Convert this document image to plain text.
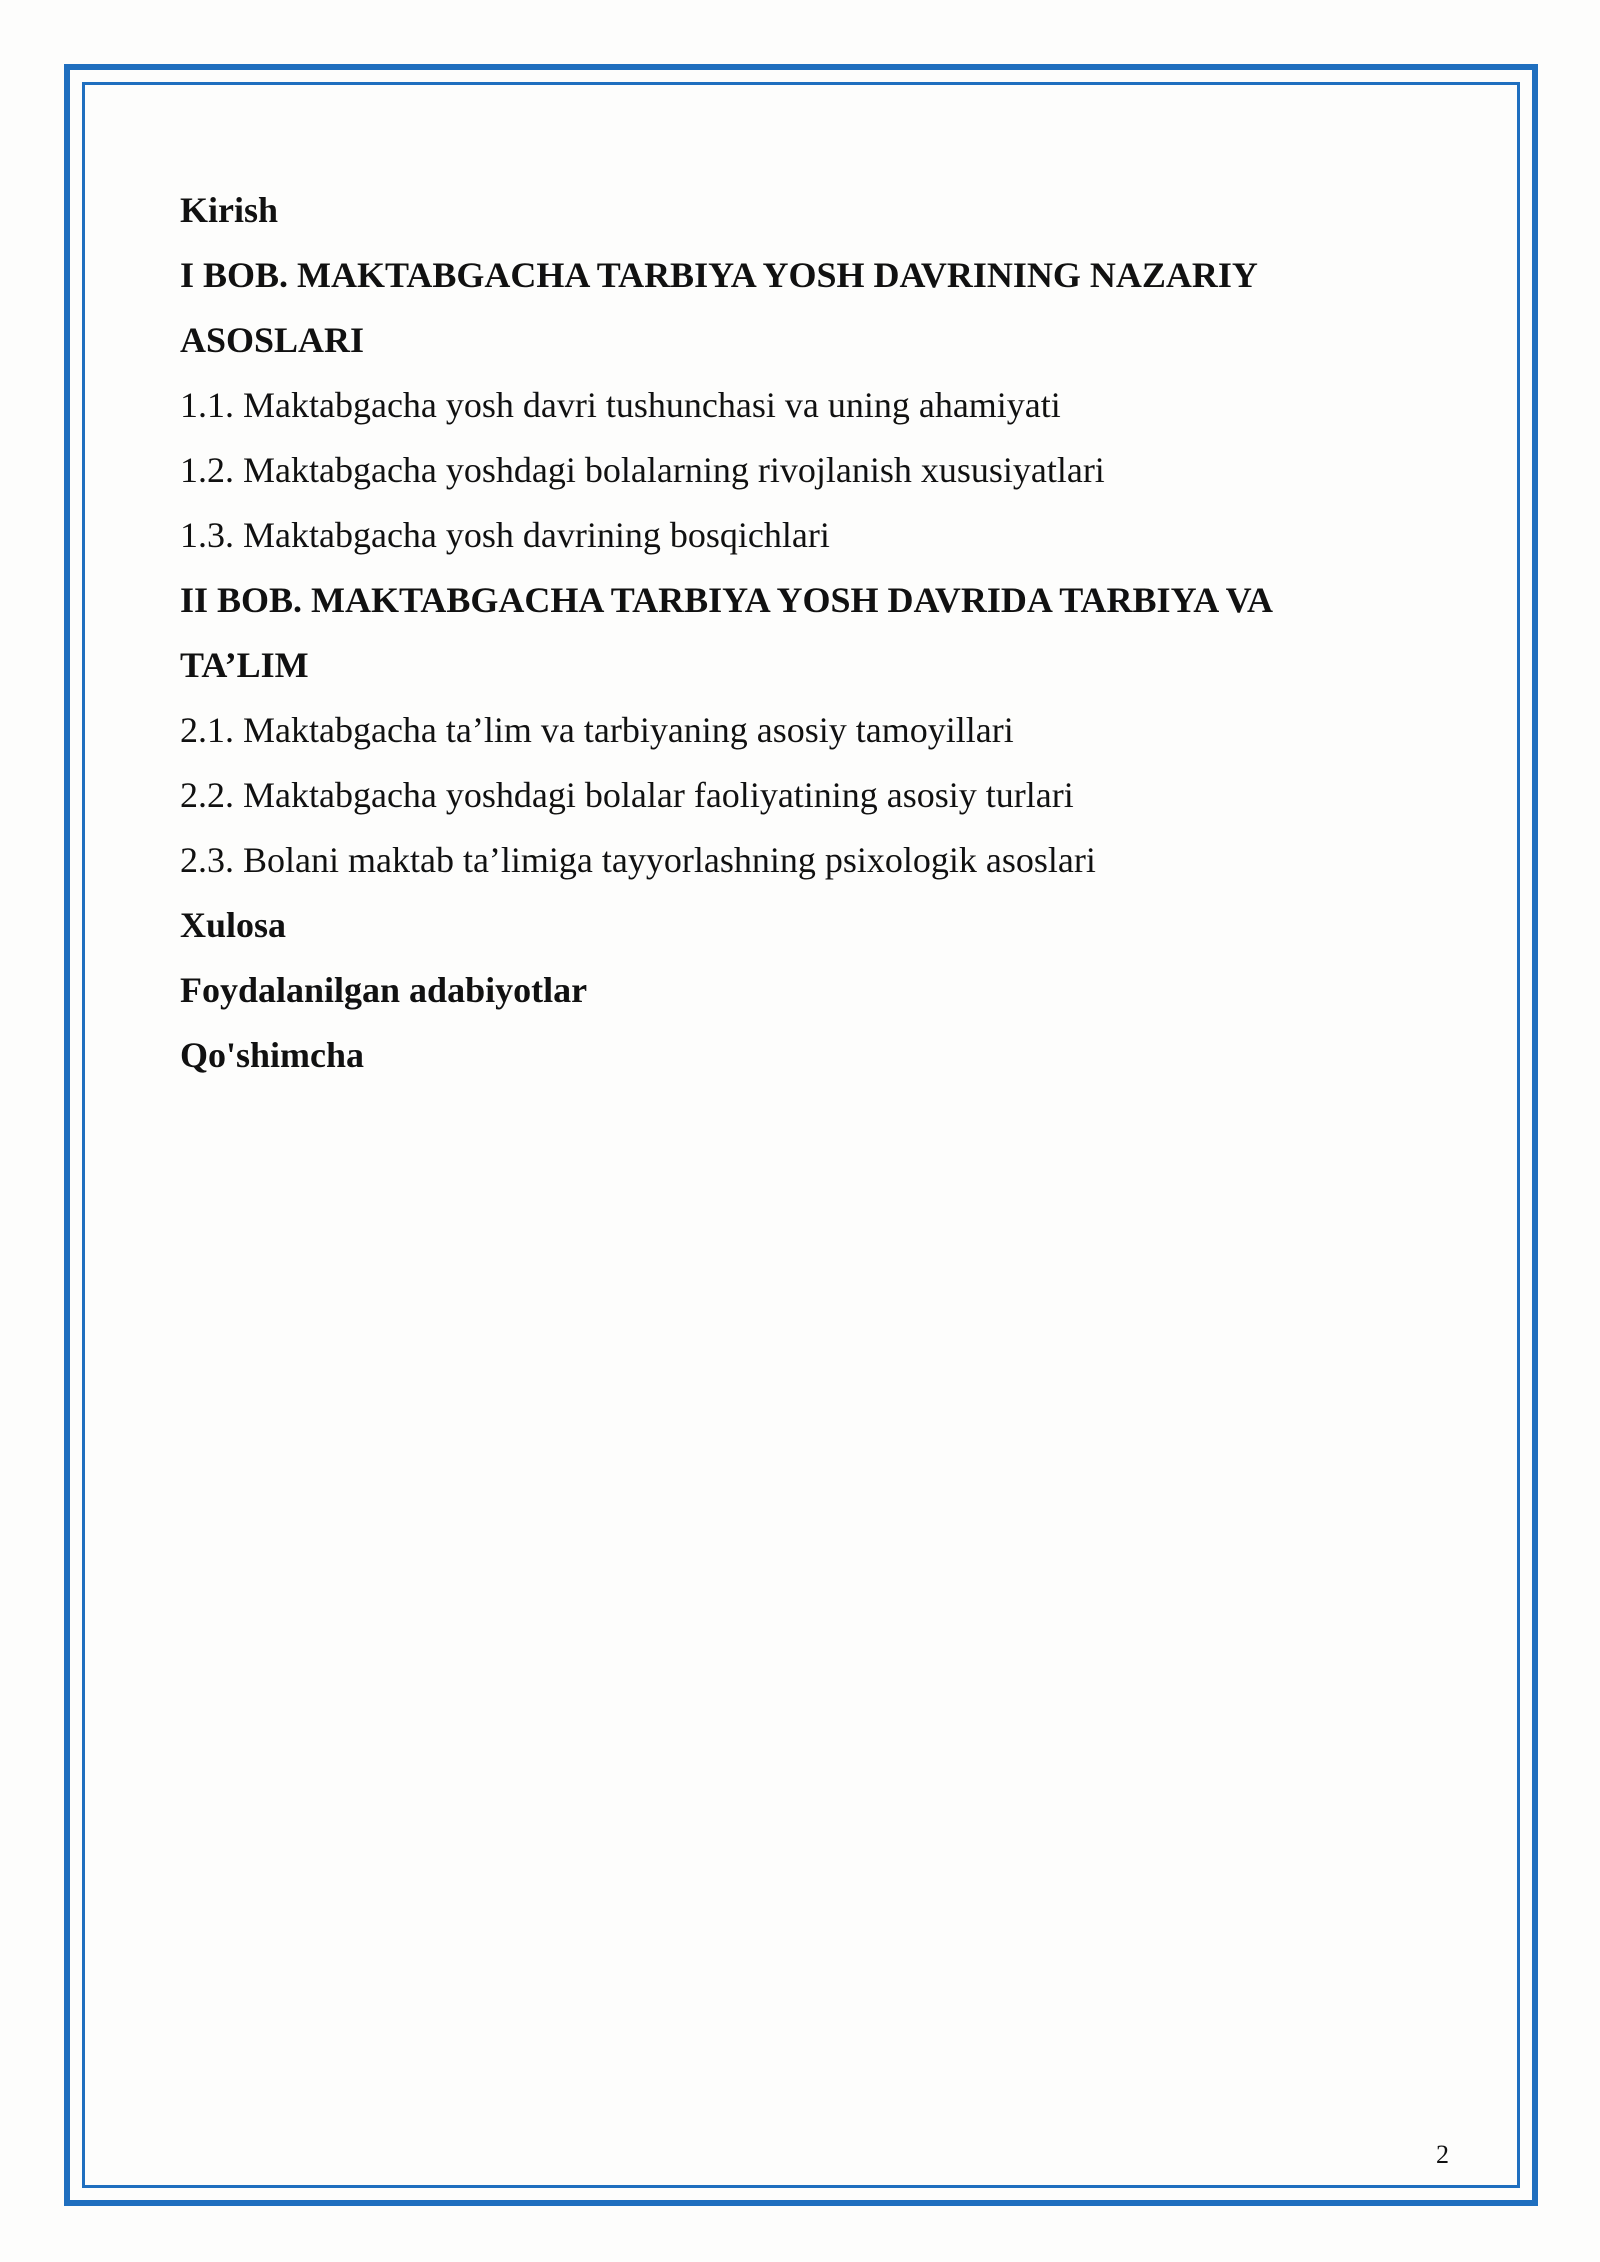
Kirish
I BOB. MAKTABGACHA TARBIYA YOSH DAVRINING NAZARIY
ASOSLARI
1.1. Maktabgacha yosh davri tushunchasi va uning ahamiyati
1.2. Maktabgacha yoshdagi bolalarning rivojlanish xususiyatlari
1.3. Maktabgacha yosh davrining bosqichlari
II BOB. MAKTABGACHA TARBIYA YOSH DAVRIDA TARBIYA VA
TA’LIM
2.1. Maktabgacha ta’lim va tarbiyaning asosiy tamoyillari
2.2. Maktabgacha yoshdagi bolalar faoliyatining asosiy turlari
2.3. Bolani maktab ta’limiga tayyorlashning psixologik asoslari
Xulosa
Foydalanilgan adabiyotlar
Qo'shimcha
2
